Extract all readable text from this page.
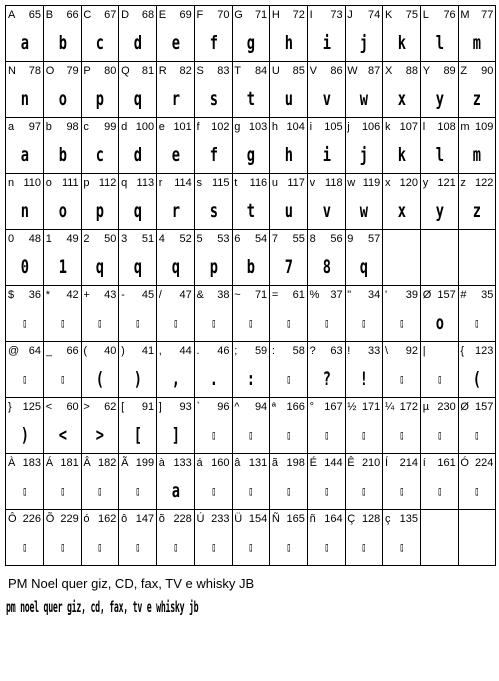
A 65
a
B 66
b
C 67
c
D 68
d
E 69
e
F 70
f
G 71
g
H 72
h
I 73
i
J 74
j
K 75
k
L 76
l
M 77
m
N 78
n
O 79
o
P 80
p
Q 81
q
R 82
r
S 83
s
T 84
t
U 85
u
V 86
v
W 87
w
X 88
x
Y 89
y
Z 90
z
a 97
a
b 98
b
c 99
c
d 100
d
e 101
e
f 102
f
g 103
g
h 104
h
i 105
i
j 106
j
k 107
k
l 108
l
m 109
m
n 110
n
o 111
o
p 112
p
q 113
q
r 114
r
s 115
s
t 116
t
u 117
u
v 118
v
w 119
w
x 120
x
y 121
y
z 122
z
0 48
0
1 49
1
2 50
q
3 51
q
4 52
q
5 53
p
6 54
b
7 55
7
8 56
8
9 57
q
$ 36
▯
* 42
▯
+ 43
▯
- 45
▯
/ 47
▯
& 38
▯
~ 71
▯
= 61
▯
% 37
▯
" 34
▯
' 39
▯
Ø 157
o
# 35
▯
@ 64
▯
_ 66
▯
( 40
(
) 41
)
, 44
,
. 46
.
; 59
:
: 58
▯
? 63
?
! 33
!
\ 92
▯
|
▯
{ 123
(
} 125
)
< 60
<
> 62
>
[ 91
[
] 93
]
` 96
▯
^ 94
▯
ª 166
▯
° 167
▯
½ 171
▯
¼ 172
▯
µ 230
▯
Ø 157
▯
À 183
▯
Á 181
▯
Â 182
▯
Ã 199
▯
à 133
a
á 160
▯
â 131
▯
ã 198
▯
É 144
▯
Ê 210
▯
Í 214
▯
í 161
▯
Ó 224
▯
Ô 226
▯
Õ 229
▯
ó 162
▯
ô 147
▯
õ 228
▯
Ú 233
▯
Ü 154
▯
Ñ 165
▯
ñ 164
▯
Ç 128
▯
ç 135
▯
PM Noel quer giz, CD, fax, TV e whisky JB
pm noel quer giz, cd, fax, tv e whisky jb
